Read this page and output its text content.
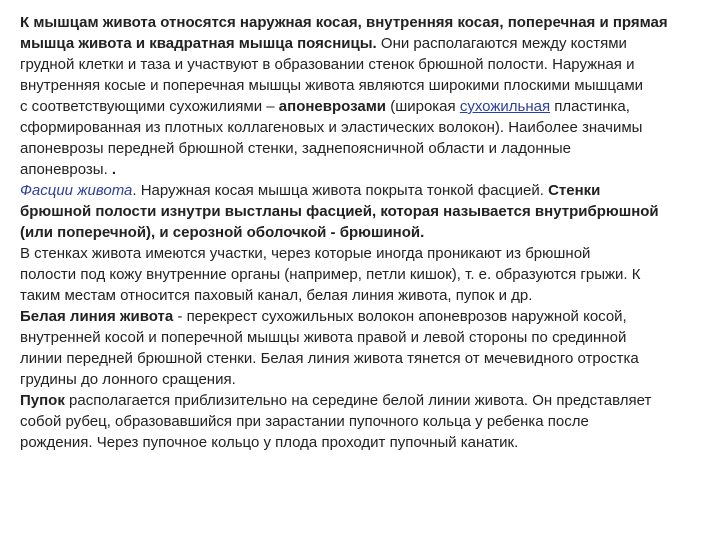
К мышцам живота относятся наружная косая, внутренняя косая, поперечная и прямая
мышца живота и квадратная мышца поясницы. Они располагаются между костями
грудной клетки и таза и участвуют в образовании стенок брюшной полости. Наружная и
внутренняя косые и поперечная мышцы живота являются широкими плоскими мышцами
с соответствующими сухожилиями – апоневрозами (широкая сухожильная пластинка,
сформированная из плотных коллагеновых и эластических волокон). Наиболее значимы
апоневрозы передней брюшной стенки, заднепоясничной области и ладонные
апоневрозы. .
Фасции живота. Наружная косая мышца живота покрыта тонкой фасцией. Стенки
брюшной полости изнутри выстланы фасцией, которая называется внутрибрюшной
(или поперечной), и серозной оболочкой - брюшиной.
В стенках живота имеются участки, через которые иногда проникают из брюшной
полости под кожу внутренние органы (например, петли кишок), т. е. образуются грыжи. К
таким местам относится паховый канал, белая линия живота, пупок и др.
Белая линия живота - перекрест сухожильных волокон апоневрозов наружной косой,
внутренней косой и поперечной мышцы живота правой и левой стороны по срединной
линии передней брюшной стенки. Белая линия живота тянется от мечевидного отростка
грудины до лонного сращения.
Пупок располагается приблизительно на середине белой линии живота. Он представляет
собой рубец, образовавшийся при зарастании пупочного кольца у ребенка после
рождения. Через пупочное кольцо у плода проходит пупочный канатик.
